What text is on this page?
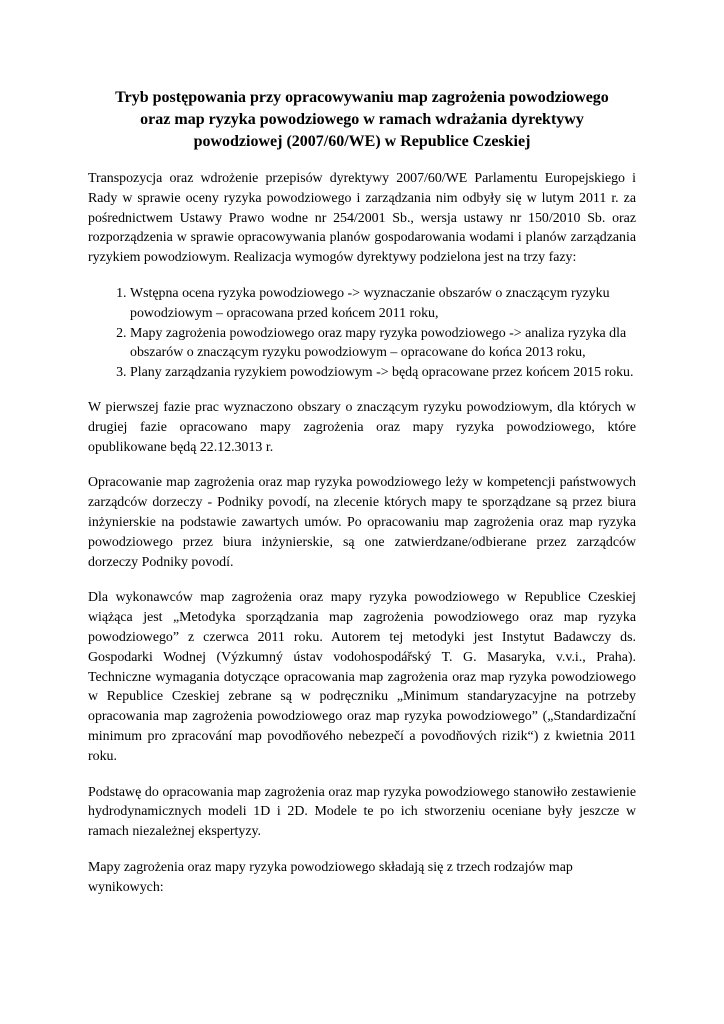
Tryb postępowania przy opracowywaniu map zagrożenia powodziowego
oraz map ryzyka powodziowego w ramach wdrażania dyrektywy
powodziowej (2007/60/WE) w Republice Czeskiej

Transpozycja oraz wdrożenie przepisów dyrektywy 2007/60/WE Parlamentu Europejskiego i Rady w sprawie oceny ryzyka powodziowego i zarządzania nim odbyły się w lutym 2011 r. za pośrednictwem Ustawy Prawo wodne nr 254/2001 Sb., wersja ustawy nr 150/2010 Sb. oraz rozporządzenia w sprawie opracowywania planów gospodarowania wodami i planów zarządzania ryzykiem powodziowym. Realizacja wymogów dyrektywy podzielona jest na trzy fazy:

1. Wstępna ocena ryzyka powodziowego -> wyznaczanie obszarów o znaczącym ryzyku powodziowym – opracowana przed końcem 2011 roku,
2. Mapy zagrożenia powodziowego oraz mapy ryzyka powodziowego -> analiza ryzyka dla obszarów o znaczącym ryzyku powodziowym – opracowane do końca 2013 roku,
3. Plany zarządzania ryzykiem powodziowym -> będą opracowane przez końcem 2015 roku.

W pierwszej fazie prac wyznaczono obszary o znaczącym ryzyku powodziowym, dla których w drugiej fazie opracowano mapy zagrożenia oraz mapy ryzyka powodziowego, które opublikowane będą 22.12.3013 r.

Opracowanie map zagrożenia oraz map ryzyka powodziowego leży w kompetencji państwowych zarządców dorzeczy - Podniky povodí, na zlecenie których mapy te sporządzane są przez biura inżynierskie na podstawie zawartych umów. Po opracowaniu map zagrożenia oraz map ryzyka powodziowego przez biura inżynierskie, są one zatwierdzane/odbierane przez zarządców dorzeczy Podniky povodí.

Dla wykonawców map zagrożenia oraz mapy ryzyka powodziowego w Republice Czeskiej wiążąca jest „Metodyka sporządzania map zagrożenia powodziowego oraz map ryzyka powodziowego” z czerwca 2011 roku. Autorem tej metodyki jest Instytut Badawczy ds. Gospodarki Wodnej (Výzkumný ústav vodohospodářský T. G. Masaryka, v.v.i., Praha). Techniczne wymagania dotyczące opracowania map zagrożenia oraz map ryzyka powodziowego w Republice Czeskiej zebrane są w podręczniku „Minimum standaryzacyjne na potrzeby opracowania map zagrożenia powodziowego oraz map ryzyka powodziowego” („Standardizační minimum pro zpracování map povodňového nebezpečí a povodňových rizik“) z kwietnia 2011 roku.

Podstawę do opracowania map zagrożenia oraz map ryzyka powodziowego stanowiło zestawienie hydrodynamicznych modeli 1D i 2D. Modele te po ich stworzeniu oceniane były jeszcze w ramach niezależnej ekspertyzy.

Mapy zagrożenia oraz mapy ryzyka powodziowego składają się z trzech rodzajów map wynikowych:
